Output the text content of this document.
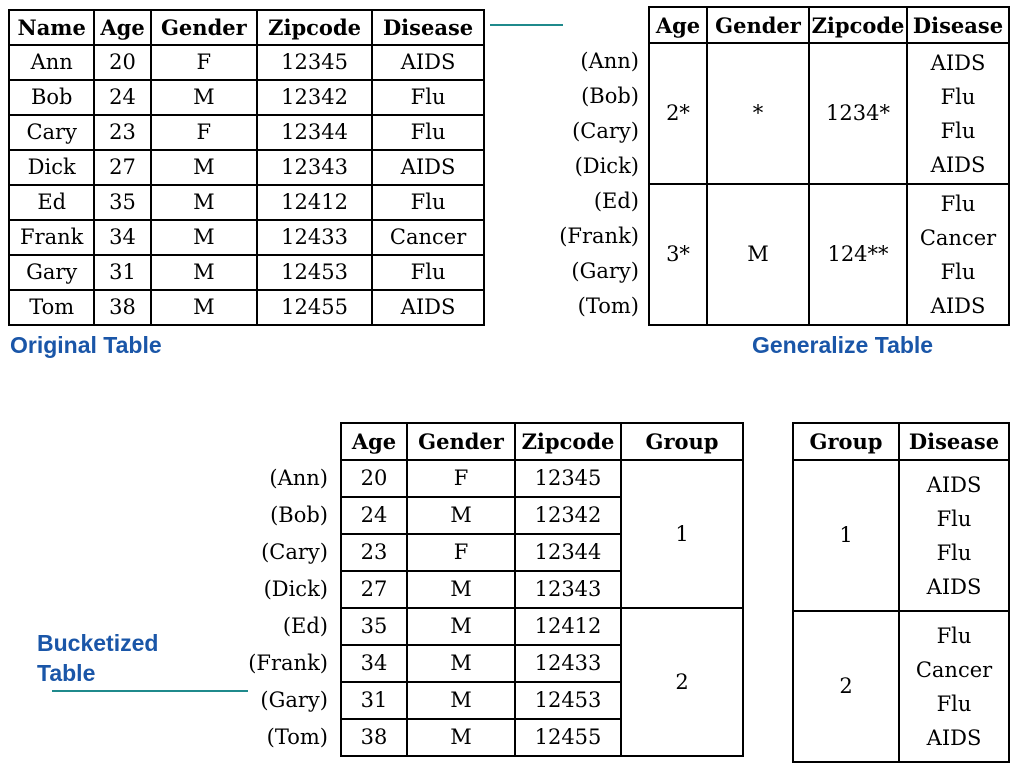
Name	Age	Gender	Zipcode	Disease
Ann	20	F	12345	AIDS
Bob	24	M	12342	Flu
Cary	23	F	12344	Flu
Dick	27	M	12343	AIDS
Ed	35	M	12412	Flu
Frank	34	M	12433	Cancer
Gary	31	M	12453	Flu
Tom	38	M	12455	AIDS
Original Table
(Ann)
(Bob)
(Cary)
(Dick)
(Ed)
(Frank)
(Gary)
(Tom)
Age	Gender	Zipcode	Disease
2*	*	1234*	AIDS
Flu
Flu
AIDS

3*	M	124**	Flu
Cancer
Flu
AIDS
Generalize Table
Bucketized
Table
(Ann)
(Bob)
(Cary)
(Dick)
(Ed)
(Frank)
(Gary)
(Tom)
Age	Gender	Zipcode	Group
20	F	12345	1
24	M	12342	
23	F	12344	
27	M	12343	
35	M	12412	2
34	M	12433	
31	M	12453	
38	M	12455	
Group	Disease
1	AIDS
Flu
Flu
AIDS

2	Flu
Cancer
Flu
AIDS
